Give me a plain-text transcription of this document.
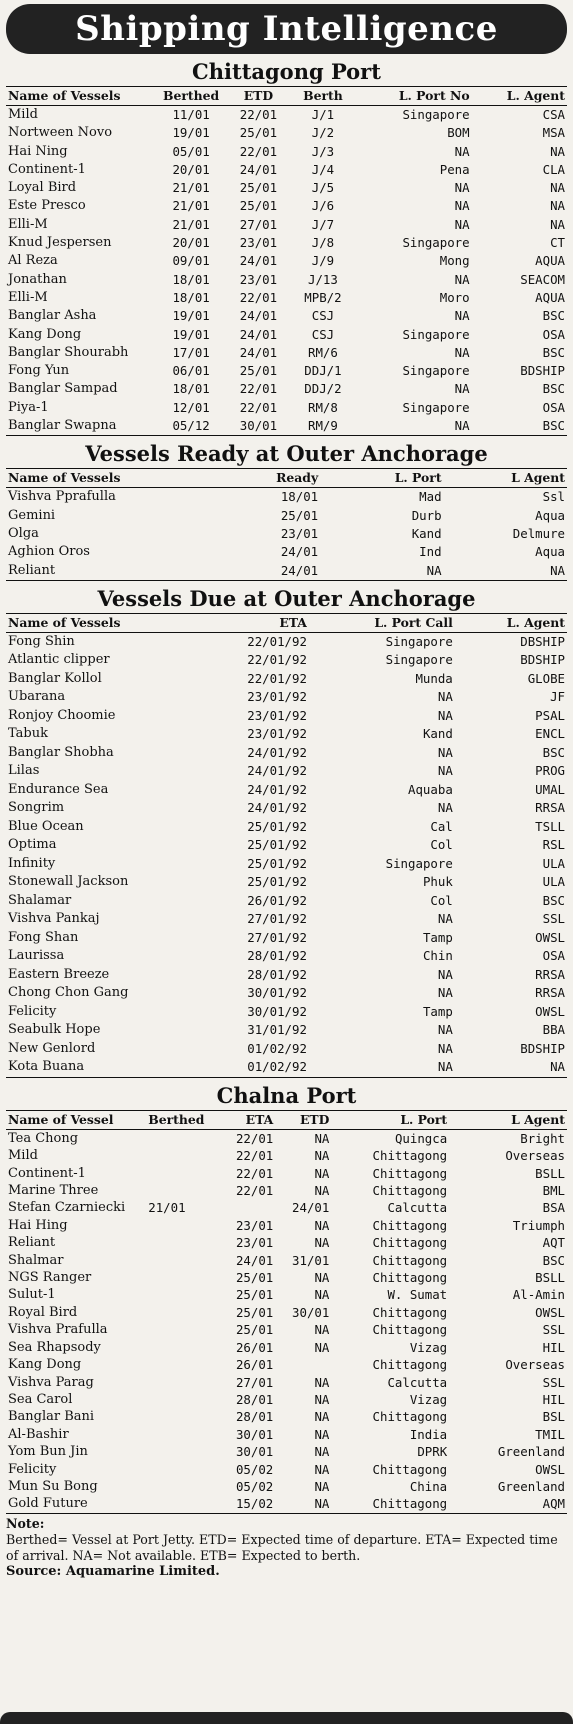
Shipping Intelligence
Chittagong Port
Name of Vessels	Berthed	ETD	Berth	L. Port No	L. Agent
Mild	11/01	22/01	J/1	Singapore	CSA
Nortween Novo	19/01	25/01	J/2	BOM	MSA
Hai Ning	05/01	22/01	J/3	NA	NA
Continent-1	20/01	24/01	J/4	Pena	CLA
Loyal Bird	21/01	25/01	J/5	NA	NA
Este Presco	21/01	25/01	J/6	NA	NA
Elli-M	21/01	27/01	J/7	NA	NA
Knud Jespersen	20/01	23/01	J/8	Singapore	CT
Al Reza	09/01	24/01	J/9	Mong	AQUA
Jonathan	18/01	23/01	J/13	NA	SEACOM
Elli-M	18/01	22/01	MPB/2	Moro	AQUA
Banglar Asha	19/01	24/01	CSJ	NA	BSC
Kang Dong	19/01	24/01	CSJ	Singapore	OSA
Banglar Shourabh	17/01	24/01	RM/6	NA	BSC
Fong Yun	06/01	25/01	DDJ/1	Singapore	BDSHIP
Banglar Sampad	18/01	22/01	DDJ/2	NA	BSC
Piya-1	12/01	22/01	RM/8	Singapore	OSA
Banglar Swapna	05/12	30/01	RM/9	NA	BSC
Vessels Ready at Outer Anchorage
Name of Vessels	Ready	L. Port	L Agent
Vishva Pprafulla	18/01	Mad	Ssl
Gemini	25/01	Durb	Aqua
Olga	23/01	Kand	Delmure
Aghion Oros	24/01	Ind	Aqua
Reliant	24/01	NA	NA
Vessels Due at Outer Anchorage
Name of Vessels	ETA	L. Port Call	L. Agent
Fong Shin	22/01/92	Singapore	DBSHIP
Atlantic clipper	22/01/92	Singapore	BDSHIP
Banglar Kollol	22/01/92	Munda	GLOBE
Ubarana	23/01/92	NA	JF
Ronjoy Choomie	23/01/92	NA	PSAL
Tabuk	23/01/92	Kand	ENCL
Banglar Shobha	24/01/92	NA	BSC
Lilas	24/01/92	NA	PROG
Endurance Sea	24/01/92	Aquaba	UMAL
Songrim	24/01/92	NA	RRSA
Blue Ocean	25/01/92	Cal	TSLL
Optima	25/01/92	Col	RSL
Infinity	25/01/92	Singapore	ULA
Stonewall Jackson	25/01/92	Phuk	ULA
Shalamar	26/01/92	Col	BSC
Vishva Pankaj	27/01/92	NA	SSL
Fong Shan	27/01/92	Tamp	OWSL
Laurissa	28/01/92	Chin	OSA
Eastern Breeze	28/01/92	NA	RRSA
Chong Chon Gang	30/01/92	NA	RRSA
Felicity	30/01/92	Tamp	OWSL
Seabulk Hope	31/01/92	NA	BBA
New Genlord	01/02/92	NA	BDSHIP
Kota Buana	01/02/92	NA	NA
Chalna Port
Name of Vessel	Berthed	ETA	ETD	L. Port	L Agent
Tea Chong		22/01	NA	Quingca	Bright
Mild		22/01	NA	Chittagong	Overseas
Continent-1		22/01	NA	Chittagong	BSLL
Marine Three		22/01	NA	Chittagong	BML
Stefan Czarniecki	21/01		24/01	Calcutta	BSA
Hai Hing		23/01	NA	Chittagong	Triumph
Reliant		23/01	NA	Chittagong	AQT
Shalmar		24/01	31/01	Chittagong	BSC
NGS Ranger		25/01	NA	Chittagong	BSLL
Sulut-1		25/01	NA	W. Sumat	Al-Amin
Royal Bird		25/01	30/01	Chittagong	OWSL
Vishva Prafulla		25/01	NA	Chittagong	SSL
Sea Rhapsody		26/01	NA	Vizag	HIL
Kang Dong		26/01		Chittagong	Overseas
Vishva Parag		27/01	NA	Calcutta	SSL
Sea Carol		28/01	NA	Vizag	HIL
Banglar Bani		28/01	NA	Chittagong	BSL
Al-Bashir		30/01	NA	India	TMIL
Yom Bun Jin		30/01	NA	DPRK	Greenland
Felicity		05/02	NA	Chittagong	OWSL
Mun Su Bong		05/02	NA	China	Greenland
Gold Future		15/02	NA	Chittagong	AQM
Note:
Berthed= Vessel at Port Jetty. ETD= Expected time of departure. ETA= Expected time of arrival. NA= Not available. ETB= Expected to berth.
Source: Aquamarine Limited.
